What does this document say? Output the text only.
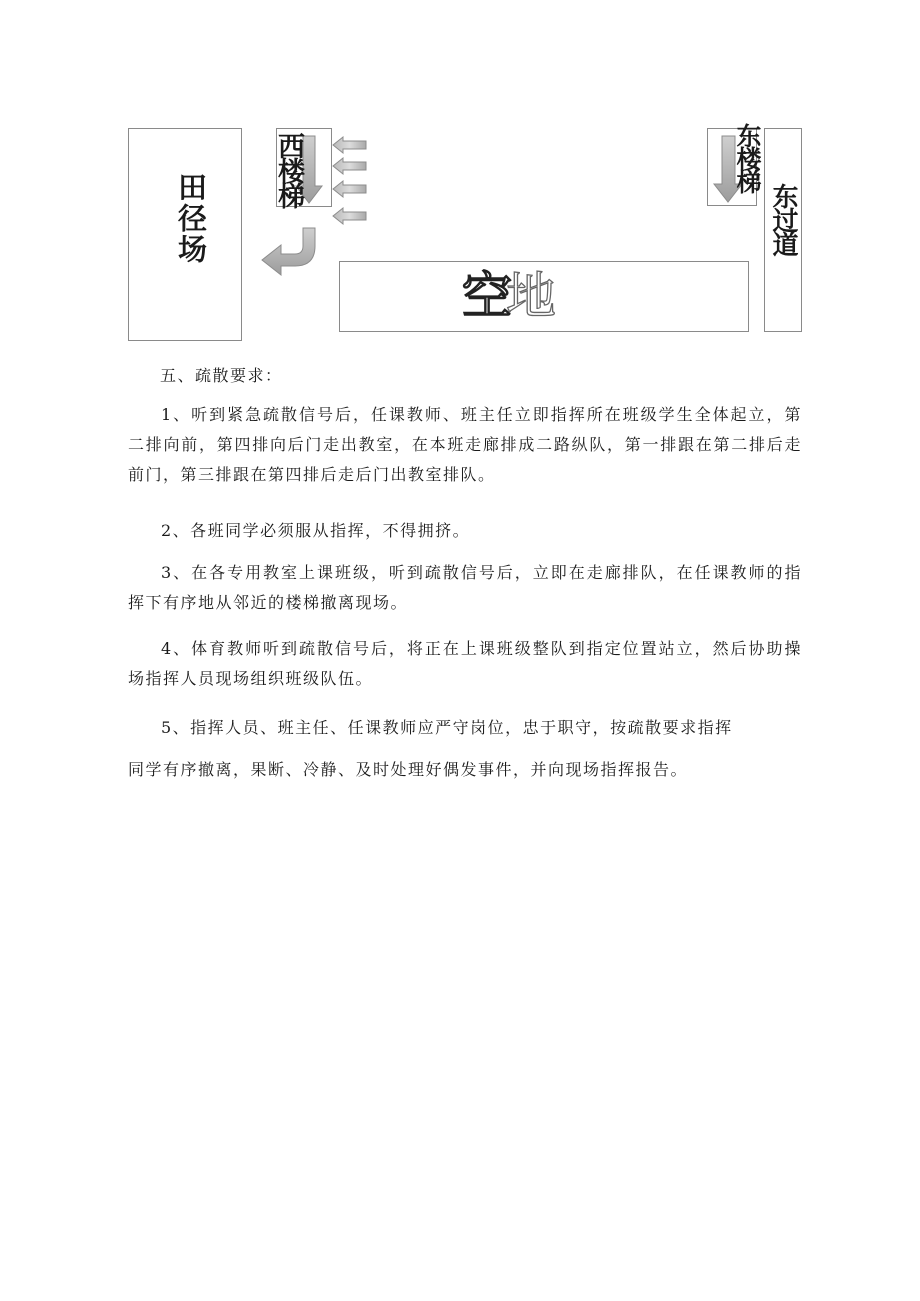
田径场	东过道
空地
西楼梯	东楼梯

五、疏散要求：

1、听到紧急疏散信号后，任课教师、班主任立即指挥所在班级学生全体起立，第二排向前，第四排向后门走出教室，在本班走廊排成二路纵队，第一排跟在第二排后走前门，第三排跟在第四排后走后门出教室排队。

2、各班同学必须服从指挥，不得拥挤。

3、在各专用教室上课班级，听到疏散信号后，立即在走廊排队，在任课教师的指挥下有序地从邻近的楼梯撤离现场。

4、体育教师听到疏散信号后，将正在上课班级整队到指定位置站立，然后协助操场指挥人员现场组织班级队伍。

5、指挥人员、班主任、任课教师应严守岗位，忠于职守，按疏散要求指挥

同学有序撤离，果断、冷静、及时处理好偶发事件，并向现场指挥报告。
